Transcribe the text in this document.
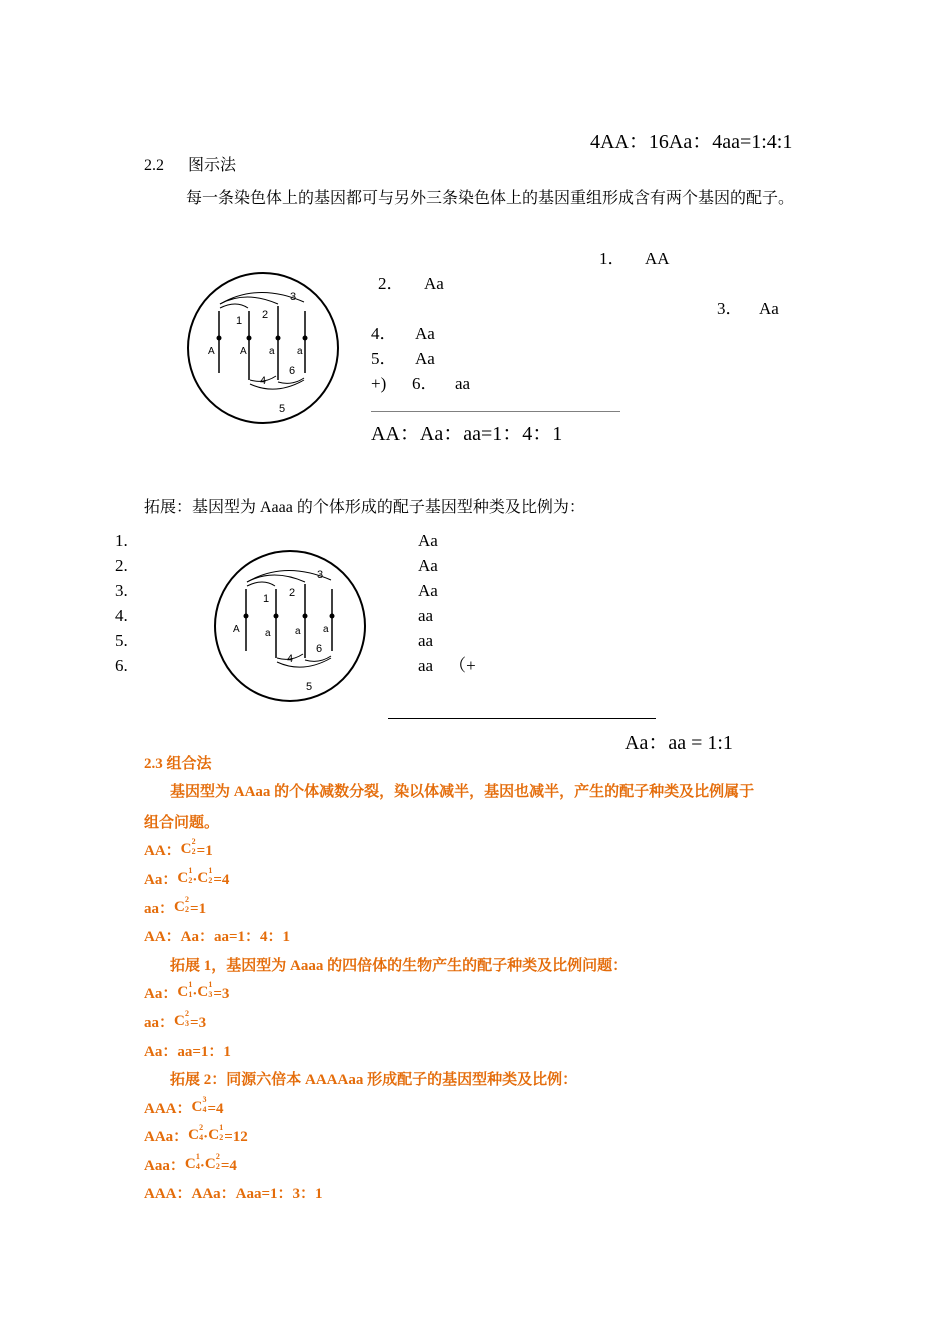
4AA：16Aa：4aa=1:4:1
2.2 图示法
每一条染色体上的基因都可与另外三条染色体上的基因重组形成含有两个基因的配子。
A	A a a
1 2
3
4
5
6
1． AA
2． Aa
3． Aa
4． Aa
5． Aa
+) 6． aa
AA：Aa：aa=1：4：1
拓展：基因型为 Aaaa 的个体形成的配子基因型种类及比例为：
1.
2.
3.
4.
5.
6.
Aa
Aa
Aa
aa
aa
aa （+
A	a a a
1 2
3
4
5
6
Aa：aa = 1:1
2.3 组合法
基因型为 AAaa 的个体减数分裂，染以体减半，基因也减半，产生的配子种类及比例属于
组合问题。
AA： C 2
2 =1
Aa： C 1
2 · C 1
2 =4
aa： C 2
2 =1
AA：Aa：aa=1：4：1
拓展 1，基因型为 Aaaa 的四倍体的生物产生的配子种类及比例问题：
Aa： C 1
1 · C 1
3 =3
aa： C 2
3 =3
Aa：aa=1：1
拓展 2：同源六倍本 AAAAaa 形成配子的基因型种类及比例：
AAA： C 3
4 =4
AAa： C 2
4 · C 1
2 =12
Aaa： C 1
4 · C 2
2 =4
AAA：AAa：Aaa=1：3：1
